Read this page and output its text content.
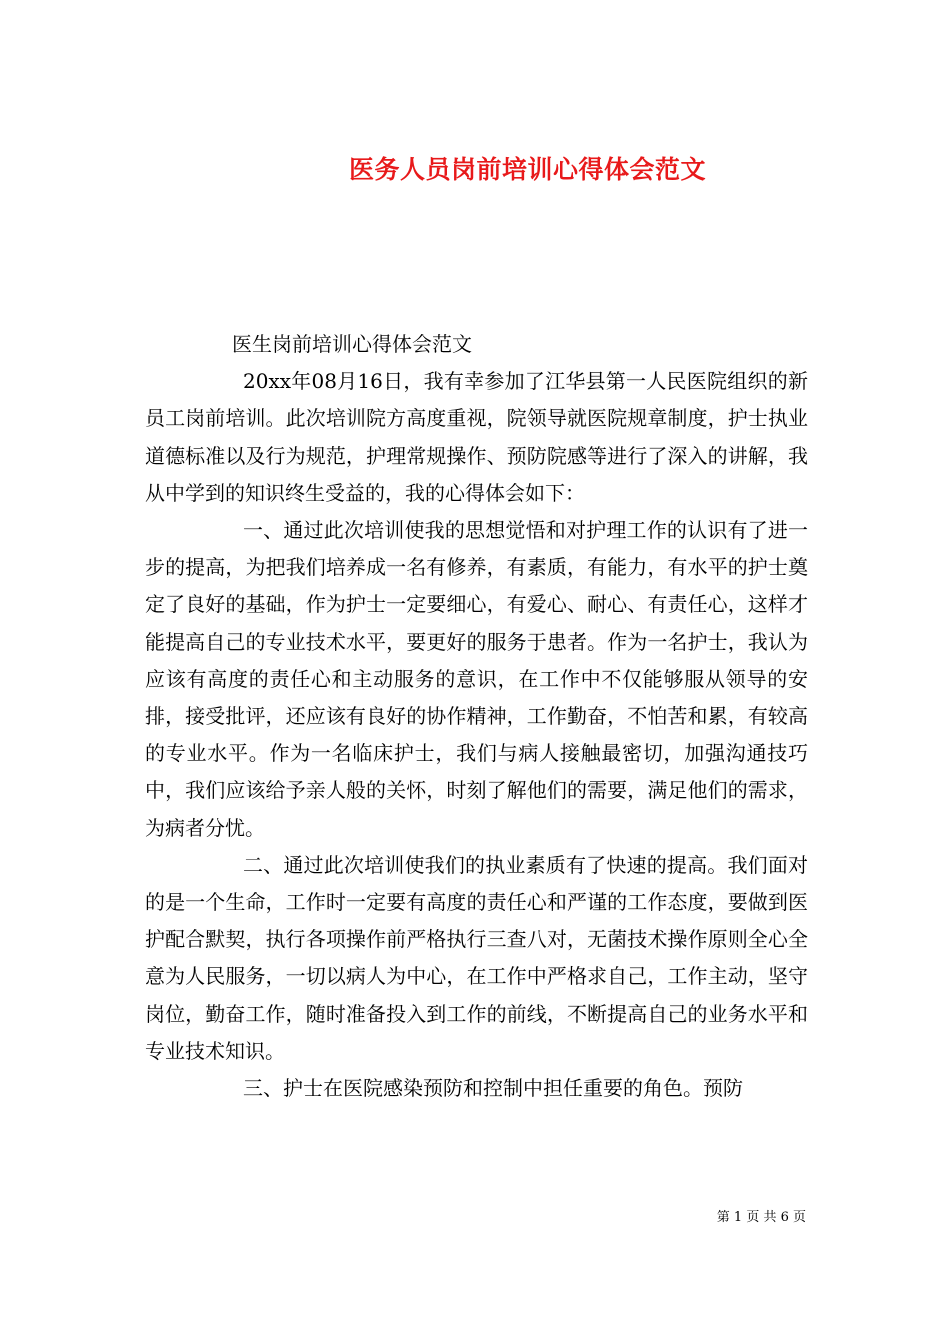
医务人员岗前培训心得体会范文

医生岗前培训心得体会范文

20xx年08月16日，我有幸参加了江华县第一人民医院组织的新员工岗前培训。此次培训院方高度重视，院领导就医院规章制度，护士执业道德标准以及行为规范，护理常规操作、预防院感等进行了深入的讲解，我从中学到的知识终生受益的，我的心得体会如下：

一、通过此次培训使我的思想觉悟和对护理工作的认识有了进一步的提高，为把我们培养成一名有修养，有素质，有能力，有水平的护士奠定了良好的基础，作为护士一定要细心，有爱心、耐心、有责任心，这样才能提高自己的专业技术水平，要更好的服务于患者。作为一名护士，我认为应该有高度的责任心和主动服务的意识，在工作中不仅能够服从领导的安排，接受批评，还应该有良好的协作精神，工作勤奋，不怕苦和累，有较高的专业水平。作为一名临床护士，我们与病人接触最密切，加强沟通技巧中，我们应该给予亲人般的关怀，时刻了解他们的需要，满足他们的需求，为病者分忧。

二、通过此次培训使我们的执业素质有了快速的提高。我们面对的是一个生命，工作时一定要有高度的责任心和严谨的工作态度，要做到医护配合默契，执行各项操作前严格执行三查八对，无菌技术操作原则全心全意为人民服务，一切以病人为中心，在工作中严格求自己，工作主动，坚守岗位，勤奋工作，随时准备投入到工作的前线，不断提高自己的业务水平和专业技术知识。

三、护士在医院感染预防和控制中担任重要的角色。预防

第 1 页 共 6 页
